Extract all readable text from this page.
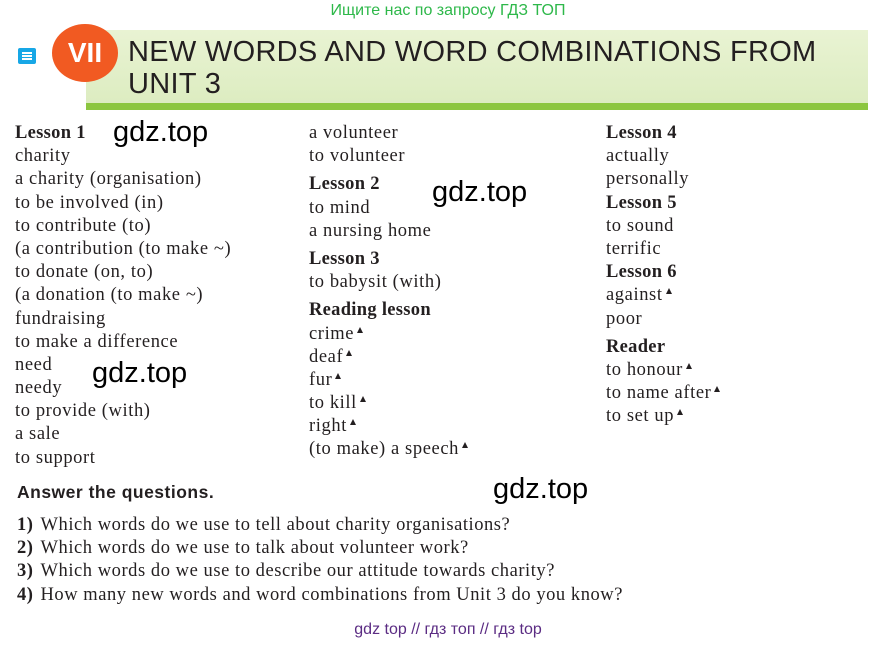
Ищите нас по запросу ГДЗ ТОП
VII NEW WORDS AND WORD COMBINATIONS FROM UNIT 3
Lesson 1
charity
a charity (organisation)
to be involved (in)
to contribute (to)
(a contribution (to make ~)
to donate (on, to)
(a donation (to make ~)
fundraising
to make a difference
need
needy
to provide (with)
a sale
to support
a volunteer
to volunteer
Lesson 2
to mind
a nursing home
Lesson 3
to babysit (with)
Reading lesson
crime
deaf
fur
to kill
right
(to make) a speech
Lesson 4
actually
personally
Lesson 5
to sound
terrific
Lesson 6
against
poor
Reader
to honour
to name after
to set up
gdz.top
gdz.top
gdz.top
gdz.top
Answer the questions.
1) Which words do we use to tell about charity organisations?
2) Which words do we use to talk about volunteer work?
3) Which words do we use to describe our attitude towards charity?
4) How many new words and word combinations from Unit 3 do you know?
gdz top // гдз топ // гдз top
